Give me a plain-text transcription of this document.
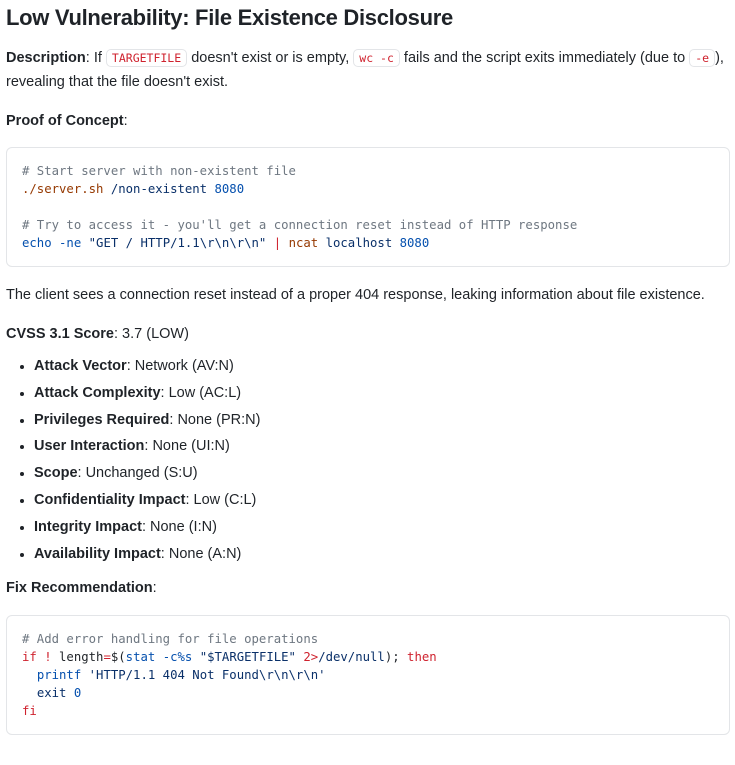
Low Vulnerability: File Existence Disclosure

Description: If TARGETFILE doesn't exist or is empty, wc -c fails and the script exits immediately (due to -e ), revealing that the file doesn't exist.

Proof of Concept:

# Start server with non-existent file
./server.sh /non-existent 8080

# Try to access it - you'll get a connection reset instead of HTTP response
echo -ne "GET / HTTP/1.1\r\n\r\n" | ncat localhost 8080

The client sees a connection reset instead of a proper 404 response, leaking information about file existence.

CVSS 3.1 Score: 3.7 (LOW)

• Attack Vector: Network (AV:N)
• Attack Complexity: Low (AC:L)
• Privileges Required: None (PR:N)
• User Interaction: None (UI:N)
• Scope: Unchanged (S:U)
• Confidentiality Impact: Low (C:L)
• Integrity Impact: None (I:N)
• Availability Impact: None (A:N)

Fix Recommendation:

# Add error handling for file operations
if ! length=$(stat -c%s "$TARGETFILE" 2>/dev/null); then
printf 'HTTP/1.1 404 Not Found\r\n\r\n'
exit 0
fi
